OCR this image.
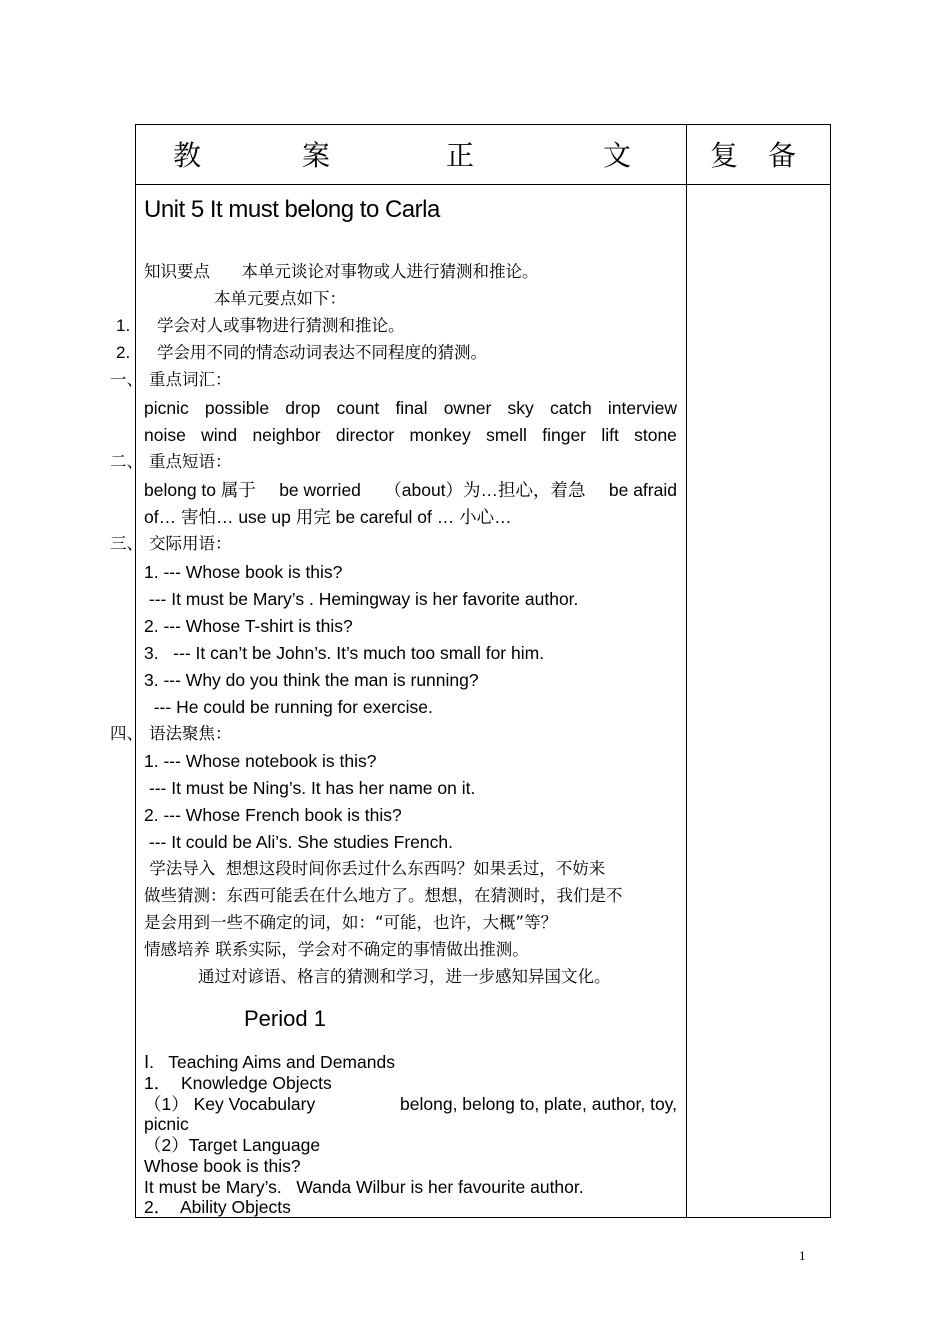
教	案	正	文	复 备
Unit 5 It must belong to Carla
知识要点      本单元谈论对事物或人进行猜测和推论。
本单元要点如下：
1. 学会对人或事物进行猜测和推论。
2. 学会用不同的情态动词表达不同程度的猜测。
一、 重点词汇：
picnic possible drop count final owner sky catch interview
noise wind neighbor director monkey smell finger lift stone
二、 重点短语：
belong to 属于 be worried （about）为…担心，着急 be afraid
of… 害怕… use up 用完 be careful of … 小心…
三、 交际用语：
1. --- Whose book is this?
--- It must be Mary’s . Hemingway is her favorite author.
2. --- Whose T-shirt is this?
3.   --- It can’t be John’s. It’s much too small for him.
3. --- Why do you think the man is running?
--- He could be running for exercise.
四、 语法聚焦：
1. --- Whose notebook is this?
--- It must be Ning’s. It has her name on it.
2. --- Whose French book is this?
--- It could be Ali’s. She studies French.
学法导入  想想这段时间你丢过什么东西吗？如果丢过，不妨来
做些猜测：东西可能丢在什么地方了。想想，在猜测时，我们是不
是会用到一些不确定的词，如：“可能，也许，大概”等？
情感培养 联系实际，学会对不确定的事情做出推测。
通过对谚语、格言的猜测和学习，进一步感知异国文化。
Period 1
Ⅰ.   Teaching Aims and Demands
1．  Knowledge Objects
（1） Key Vocabulary	belong, belong to, plate, author, toy,
picnic
（2）Target Language
Whose book is this?
It must be Mary’s.   Wanda Wilbur is her favourite author.
2．  Ability Objects
1
